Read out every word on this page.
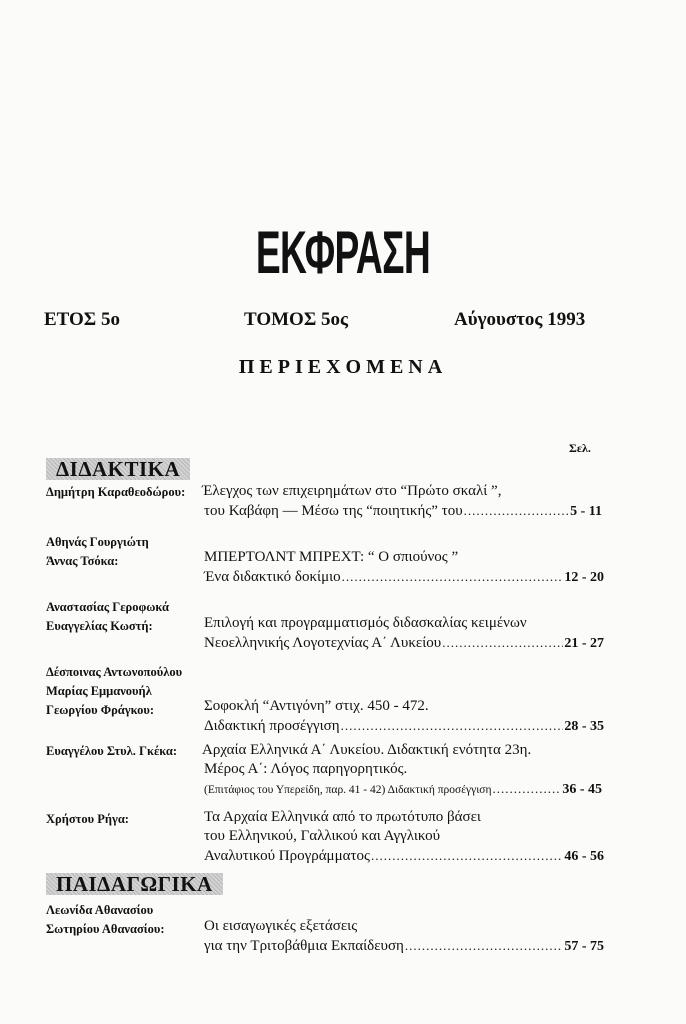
ΕΚΦΡΑΣΗ
ΕΤΟΣ 5ο	ΤΟΜΟΣ 5ος	Αύγουστος 1993
ΠΕΡΙΕΧΟΜΕΝΑ
Σελ.
ΔΙΔΑΚΤΙΚΑ
Δημήτρη Καραθεοδώρου: Έλεγχος των επιχειρημάτων στο “Πρώτο σκαλί ”,
του Καβάφη — Μέσω της “ποιητικής” του .....	5 - 11
Αθηνάς Γουργιώτη
Άννας Τσόκα:	ΜΠΕΡΤΟΛΝΤ ΜΠΡΕΧΤ: “ Ο σπιούνος ”
Ένα διδακτικό δοκίμιο .....	12 - 20
Αναστασίας Γεροφωκά
Ευαγγελίας Κωστή:	Επιλογή και προγραμματισμός διδασκαλίας κειμένων
Νεοελληνικής Λογοτεχνίας Α΄ Λυκείου .....	21 - 27
Δέσποινας Αντωνοπούλου
Μαρίας Εμμανουήλ
Γεωργίου Φράγκου:	Σοφοκλή “Αντιγόνη” στιχ. 450 - 472.
Διδακτική προσέγγιση .....	28 - 35
Ευαγγέλου Στυλ. Γκέκα: Αρχαία Ελληνικά Α΄ Λυκείου. Διδακτική ενότητα 23η.
Μέρος Α΄: Λόγος παρηγορητικός.
(Επιτάφιος του Υπερείδη, παρ. 41 - 42) Διδακτική προσέγγιση .....	36 - 45
Χρήστου Ρήγα:	Τα Αρχαία Ελληνικά από το πρωτότυπο βάσει
του Ελληνικού, Γαλλικού και Αγγλικού
Αναλυτικού Προγράμματος .....	46 - 56
ΠΑΙΔΑΓΩΓΙΚΑ
Λεωνίδα Αθανασίου
Σωτηρίου Αθανασίου:	Οι εισαγωγικές εξετάσεις
για την Τριτοβάθμια Εκπαίδευση .....	57 - 75
